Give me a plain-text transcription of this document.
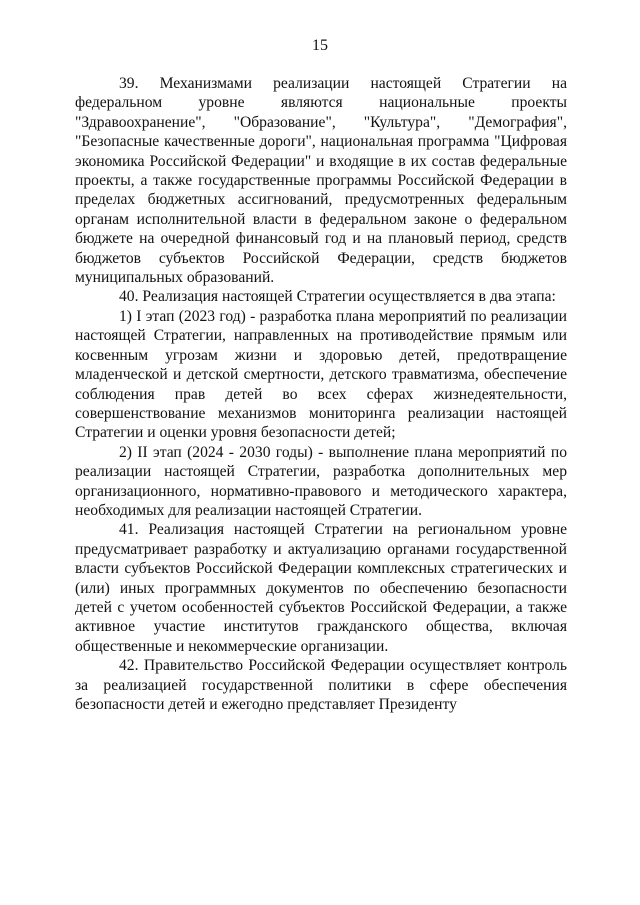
15

39. Механизмами реализации настоящей Стратегии на федеральном уровне являются национальные проекты "Здравоохранение", "Образование", "Культура", "Демография", "Безопасные качественные дороги", национальная программа "Цифровая экономика Российской Федерации" и входящие в их состав федеральные проекты, а также государственные программы Российской Федерации в пределах бюджетных ассигнований, предусмотренных федеральным органам исполнительной власти в федеральном законе о федеральном бюджете на очередной финансовый год и на плановый период, средств бюджетов субъектов Российской Федерации, средств бюджетов муниципальных образований.

40. Реализация настоящей Стратегии осуществляется в два этапа:

1) I этап (2023 год) - разработка плана мероприятий по реализации настоящей Стратегии, направленных на противодействие прямым или косвенным угрозам жизни и здоровью детей, предотвращение младенческой и детской смертности, детского травматизма, обеспечение соблюдения прав детей во всех сферах жизнедеятельности, совершенствование механизмов мониторинга реализации настоящей Стратегии и оценки уровня безопасности детей;

2) II этап (2024 - 2030 годы) - выполнение плана мероприятий по реализации настоящей Стратегии, разработка дополнительных мер организационного, нормативно-правового и методического характера, необходимых для реализации настоящей Стратегии.

41. Реализация настоящей Стратегии на региональном уровне предусматривает разработку и актуализацию органами государственной власти субъектов Российской Федерации комплексных стратегических и (или) иных программных документов по обеспечению безопасности детей с учетом особенностей субъектов Российской Федерации, а также активное участие институтов гражданского общества, включая общественные и некоммерческие организации.

42. Правительство Российской Федерации осуществляет контроль за реализацией государственной политики в сфере обеспечения безопасности детей и ежегодно представляет Президенту
